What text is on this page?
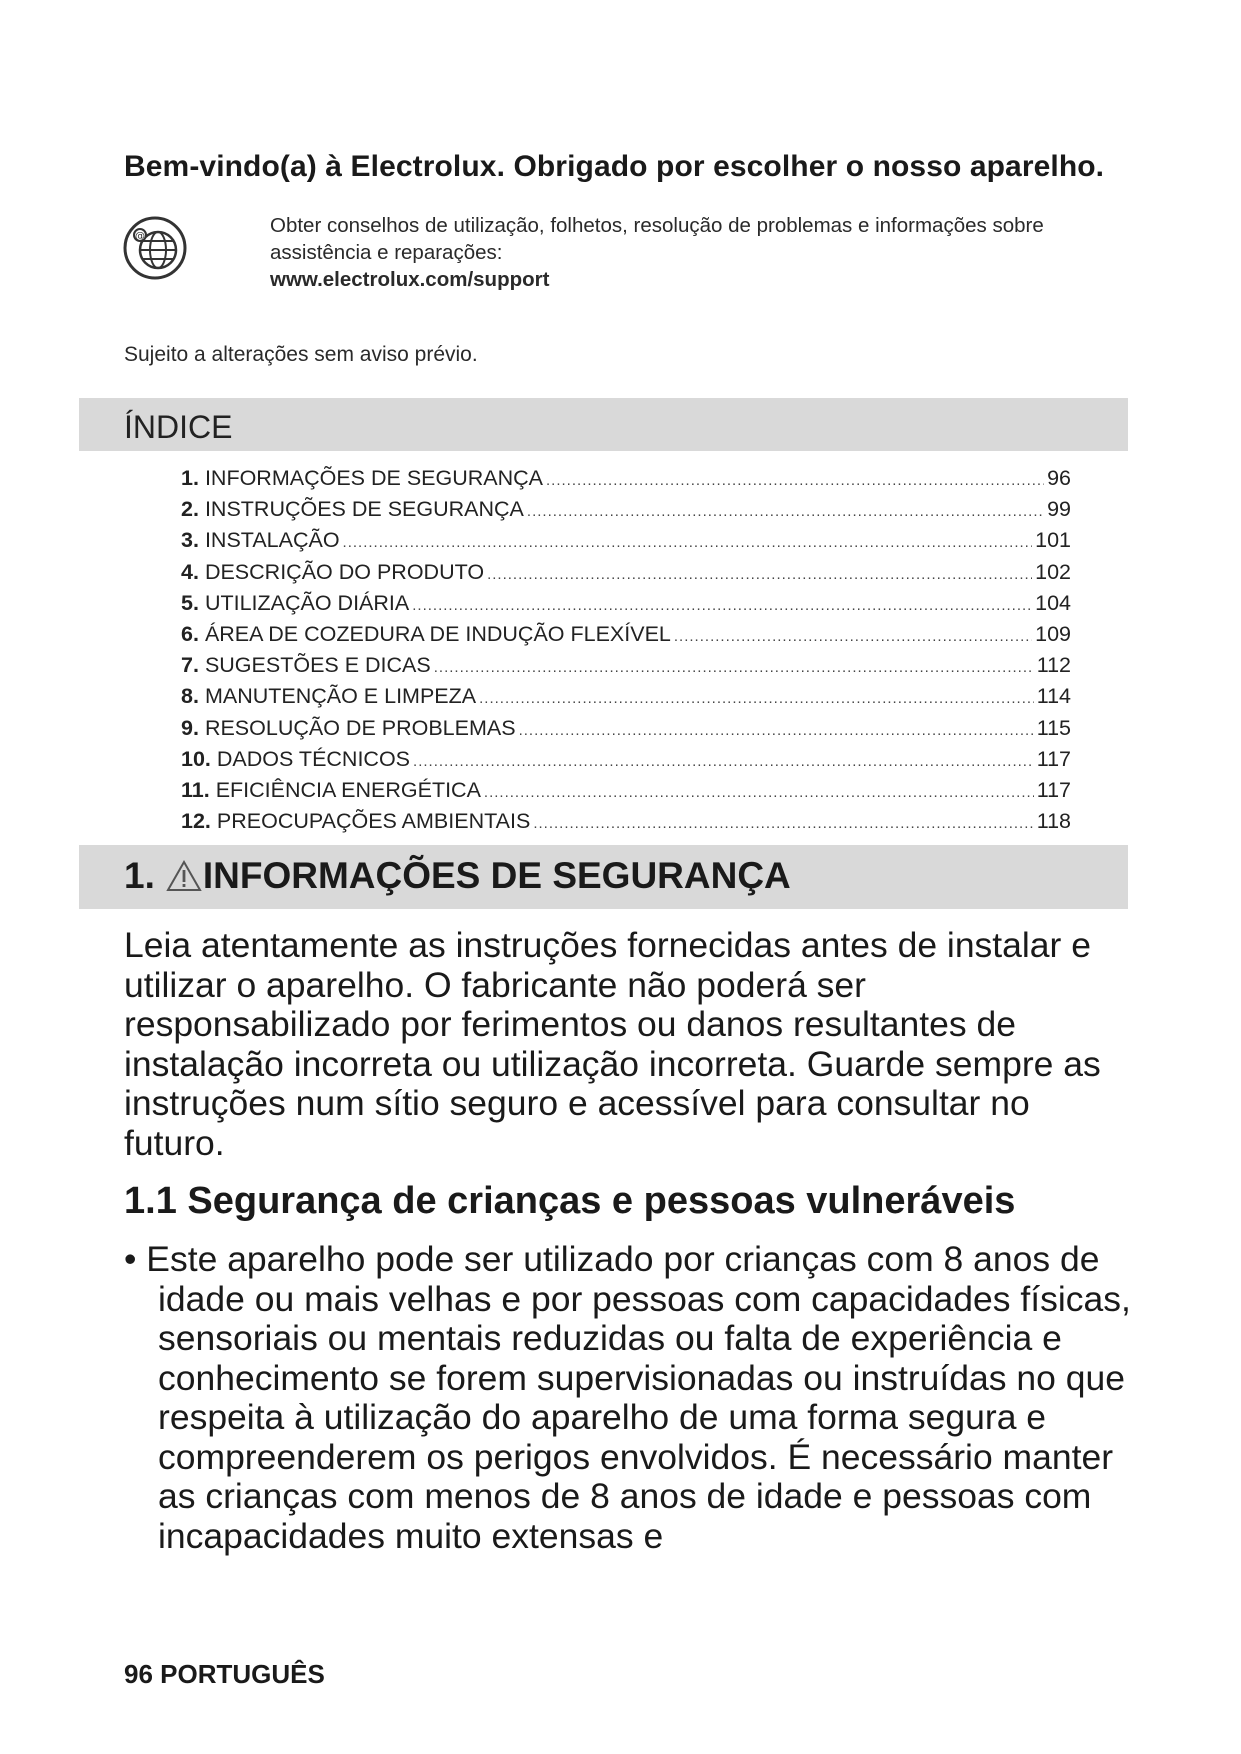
Bem-vindo(a) à Electrolux. Obrigado por escolher o nosso aparelho.
@	Obter conselhos de utilização, folhetos, resolução de problemas e informações sobre assistência e reparações:
www.electrolux.com/support
Sujeito a alterações sem aviso prévio.
ÍNDICE
1. INFORMAÇÕES DE SEGURANÇA .....	96
2. INSTRUÇÕES DE SEGURANÇA .....	99
3. INSTALAÇÃO .....	101
4. DESCRIÇÃO DO PRODUTO .....	102
5. UTILIZAÇÃO DIÁRIA .....	104
6. ÁREA DE COZEDURA DE INDUÇÃO FLEXÍVEL .....	109
7. SUGESTÕES E DICAS .....	112
8. MANUTENÇÃO E LIMPEZA .....	114
9. RESOLUÇÃO DE PROBLEMAS .....	115
10. DADOS TÉCNICOS .....	117
11. EFICIÊNCIA ENERGÉTICA .....	117
12. PREOCUPAÇÕES AMBIENTAIS .....	118
1. INFORMAÇÕES DE SEGURANÇA

Leia atentamente as instruções fornecidas antes de instalar e utilizar o aparelho. O fabricante não poderá ser responsabilizado por ferimentos ou danos resultantes de instalação incorreta ou utilização incorreta. Guarde sempre as instruções num sítio seguro e acessível para consultar no futuro.

1.1 Segurança de crianças e pessoas vulneráveis

• Este aparelho pode ser utilizado por crianças com 8 anos de idade ou mais velhas e por pessoas com capacidades físicas, sensoriais ou mentais reduzidas ou falta de experiência e conhecimento se forem supervisionadas ou instruídas no que respeita à utilização do aparelho de uma forma segura e compreenderem os perigos envolvidos. É necessário manter as crianças com menos de 8 anos de idade e pessoas com incapacidades muito extensas e

96 PORTUGUÊS
